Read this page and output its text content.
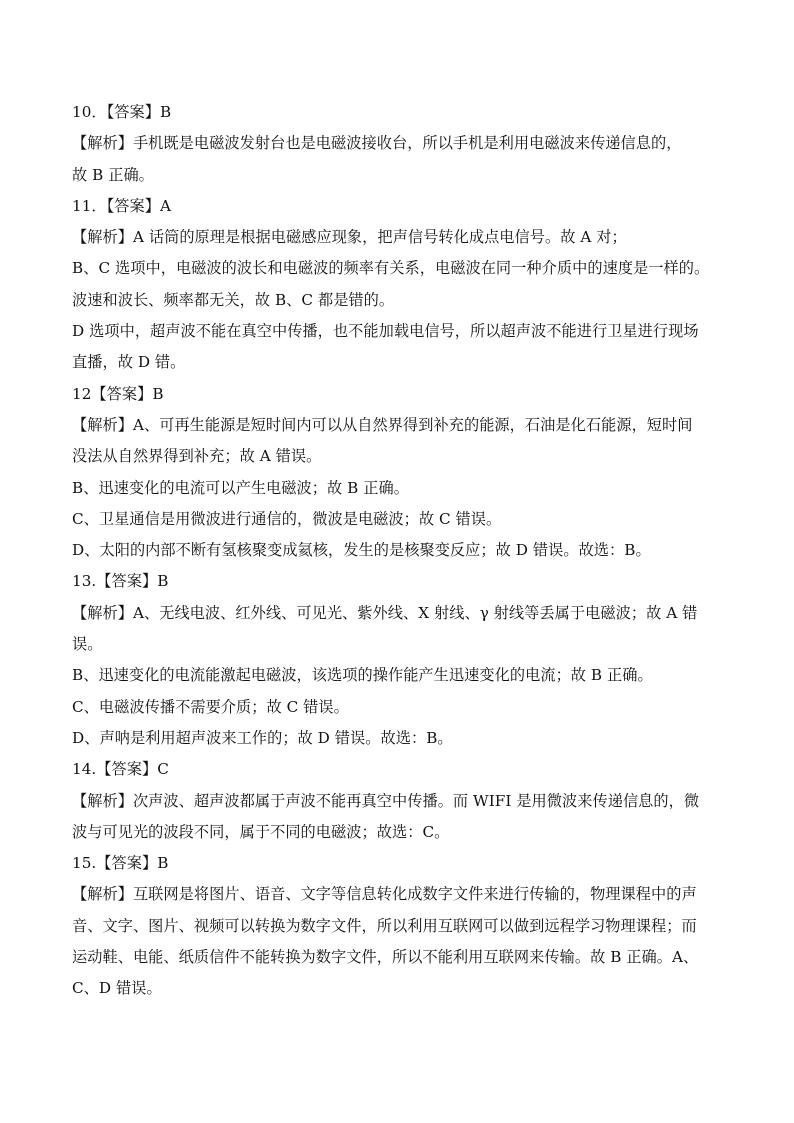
10．【答案】B
【解析】手机既是电磁波发射台也是电磁波接收台，所以手机是利用电磁波来传递信息的，
故 B 正确。
11．【答案】A
【解析】A 话筒的原理是根据电磁感应现象，把声信号转化成点电信号。故 A 对；
B、C 选项中，电磁波的波长和电磁波的频率有关系，电磁波在同一种介质中的速度是一样的。
波速和波长、频率都无关，故 B、C 都是错的。
D 选项中，超声波不能在真空中传播，也不能加载电信号，所以超声波不能进行卫星进行现场
直播，故 D 错。
12【答案】B
【解析】A、可再生能源是短时间内可以从自然界得到补充的能源，石油是化石能源，短时间
没法从自然界得到补充；故 A 错误。
B、迅速变化的电流可以产生电磁波；故 B 正确。
C、卫星通信是用微波进行通信的，微波是电磁波；故 C 错误。
D、太阳的内部不断有氢核聚变成氦核，发生的是核聚变反应；故 D 错误。故选：B。
13.【答案】B
【解析】A、无线电波、红外线、可见光、紫外线、X 射线、γ 射线等丢属于电磁波；故 A 错
误。
B、迅速变化的电流能激起电磁波，该选项的操作能产生迅速变化的电流；故 B 正确。
C、电磁波传播不需要介质；故 C 错误。
D、声呐是利用超声波来工作的；故 D 错误。故选：B。
14.【答案】C
【解析】次声波、超声波都属于声波不能再真空中传播。而 WIFI 是用微波来传递信息的，微
波与可见光的波段不同，属于不同的电磁波；故选：C。
15.【答案】B
【解析】互联网是将图片、语音、文字等信息转化成数字文件来进行传输的，物理课程中的声
音、文字、图片、视频可以转换为数字文件，所以利用互联网可以做到远程学习物理课程；而
运动鞋、电能、纸质信件不能转换为数字文件，所以不能利用互联网来传输。故 B 正确。A、
C、D 错误。
